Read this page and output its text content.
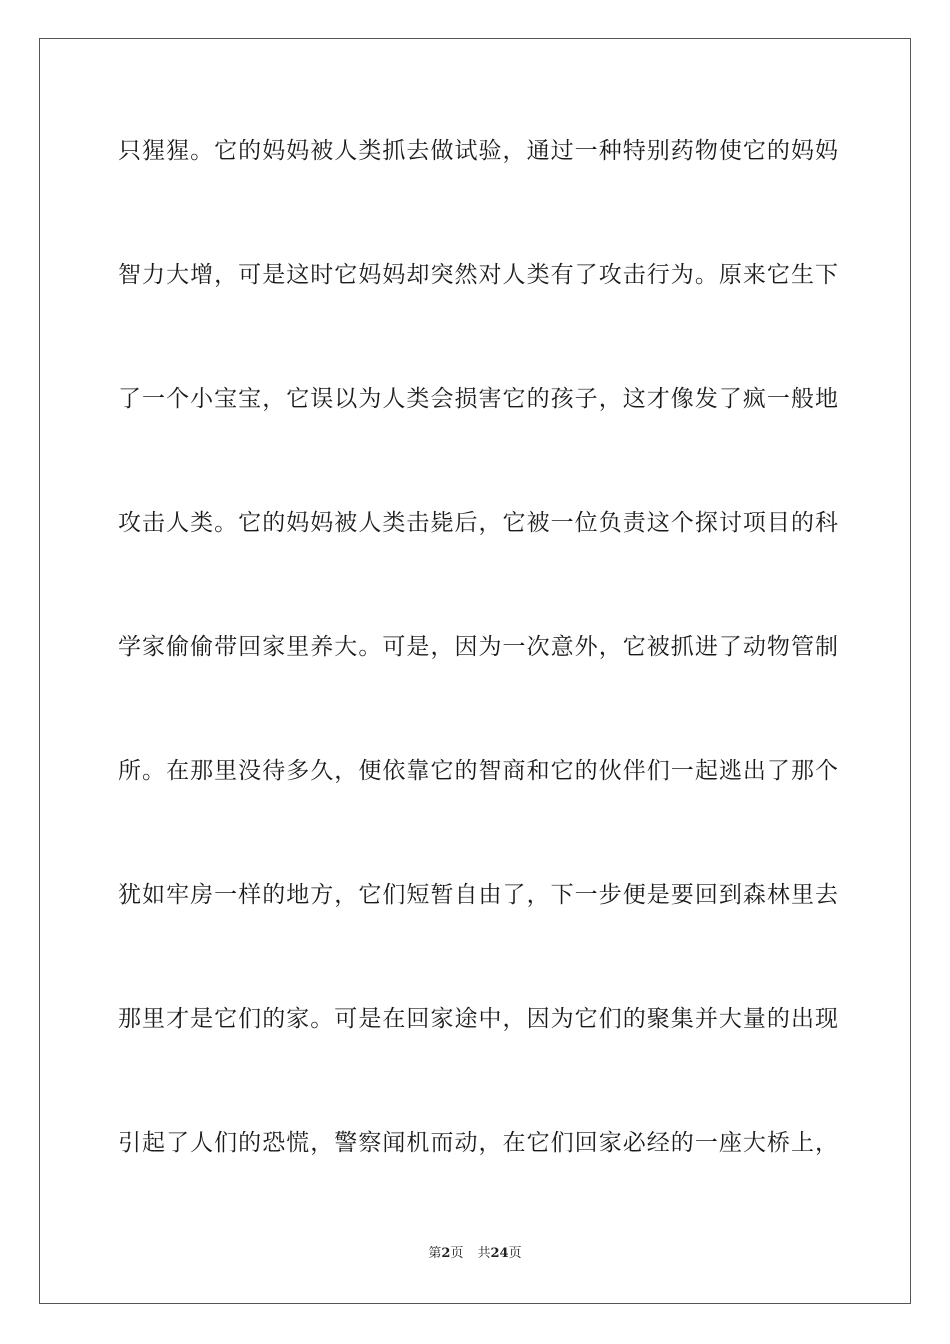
只猩猩。它的妈妈被人类抓去做试验，通过一种特别药物使它的妈妈
智力大增，可是这时它妈妈却突然对人类有了攻击行为。原来它生下
了一个小宝宝，它误以为人类会损害它的孩子，这才像发了疯一般地
攻击人类。它的妈妈被人类击毙后，它被一位负责这个探讨项目的科
学家偷偷带回家里养大。可是，因为一次意外，它被抓进了动物管制
所。在那里没待多久，便依靠它的智商和它的伙伴们一起逃出了那个
犹如牢房一样的地方，它们短暂自由了，下一步便是要回到森林里去
那里才是它们的家。可是在回家途中，因为它们的聚集并大量的出现
引起了人们的恐慌，警察闻机而动，在它们回家必经的一座大桥上，
第2页 共24页
